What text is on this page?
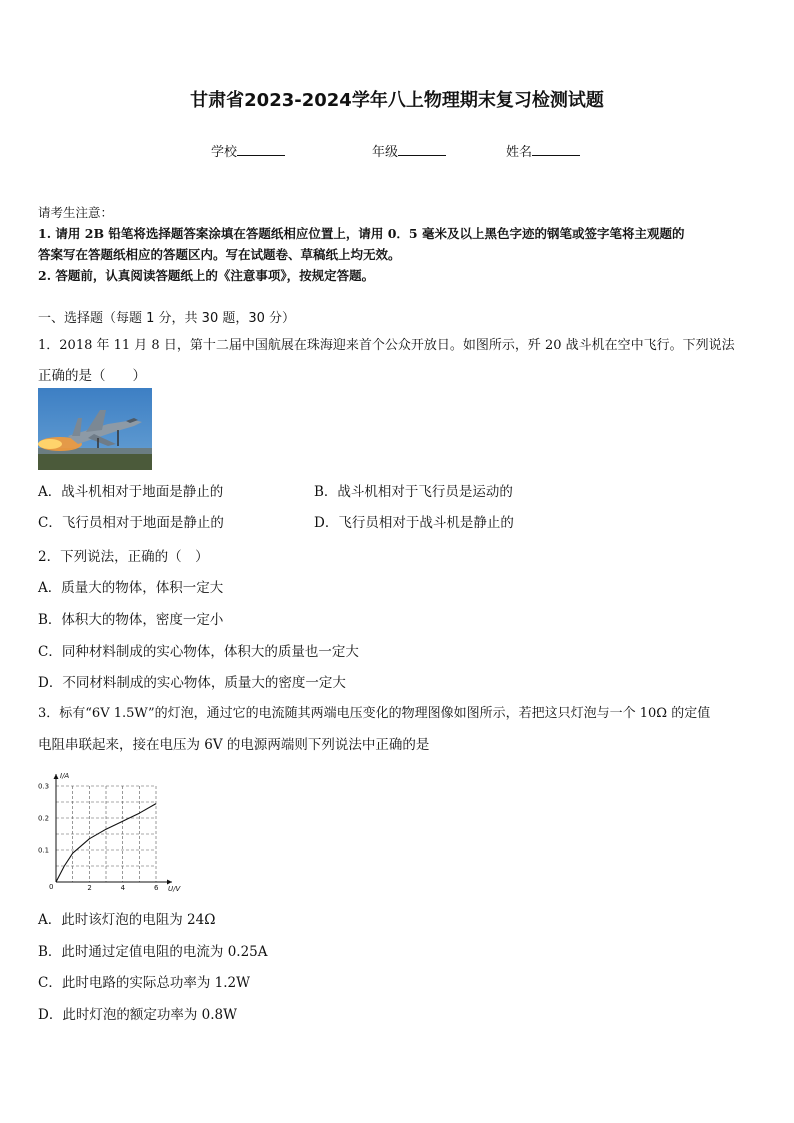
甘肃省2023-2024学年八上物理期末复习检测试题
学校	年级	姓名
请考生注意：
1. 请用 2B 铅笔将选择题答案涂填在答题纸相应位置上，请用 0．5 毫米及以上黑色字迹的钢笔或签字笔将主观题的
答案写在答题纸相应的答题区内。写在试题卷、草稿纸上均无效。
2. 答题前，认真阅读答题纸上的《注意事项》，按规定答题。
一、选择题（每题 1 分，共 30 题，30 分）
1．2018 年 11 月 8 日，第十二届中国航展在珠海迎来首个公众开放日。如图所示，歼 20 战斗机在空中飞行。下列说法
正确的是（　　）
A．战斗机相对于地面是静止的	B．战斗机相对于飞行员是运动的
C．飞行员相对于地面是静止的	D．飞行员相对于战斗机是静止的
2．下列说法，正确的（　）
A．质量大的物体，体积一定大
B．体积大的物体，密度一定小
C．同种材料制成的实心物体，体积大的质量也一定大
D．不同材料制成的实心物体，质量大的密度一定大
3．标有“6V 1.5W”的灯泡，通过它的电流随其两端电压变化的物理图像如图所示，若把这只灯泡与一个 10Ω 的定值
电阻串联起来，接在电压为 6V 的电源两端则下列说法中正确的是
I/A
U/V
0	2	4	6
0.1
0.2
0.3
A．此时该灯泡的电阻为 24Ω
B．此时通过定值电阻的电流为 0.25A
C．此时电路的实际总功率为 1.2W
D．此时灯泡的额定功率为 0.8W
